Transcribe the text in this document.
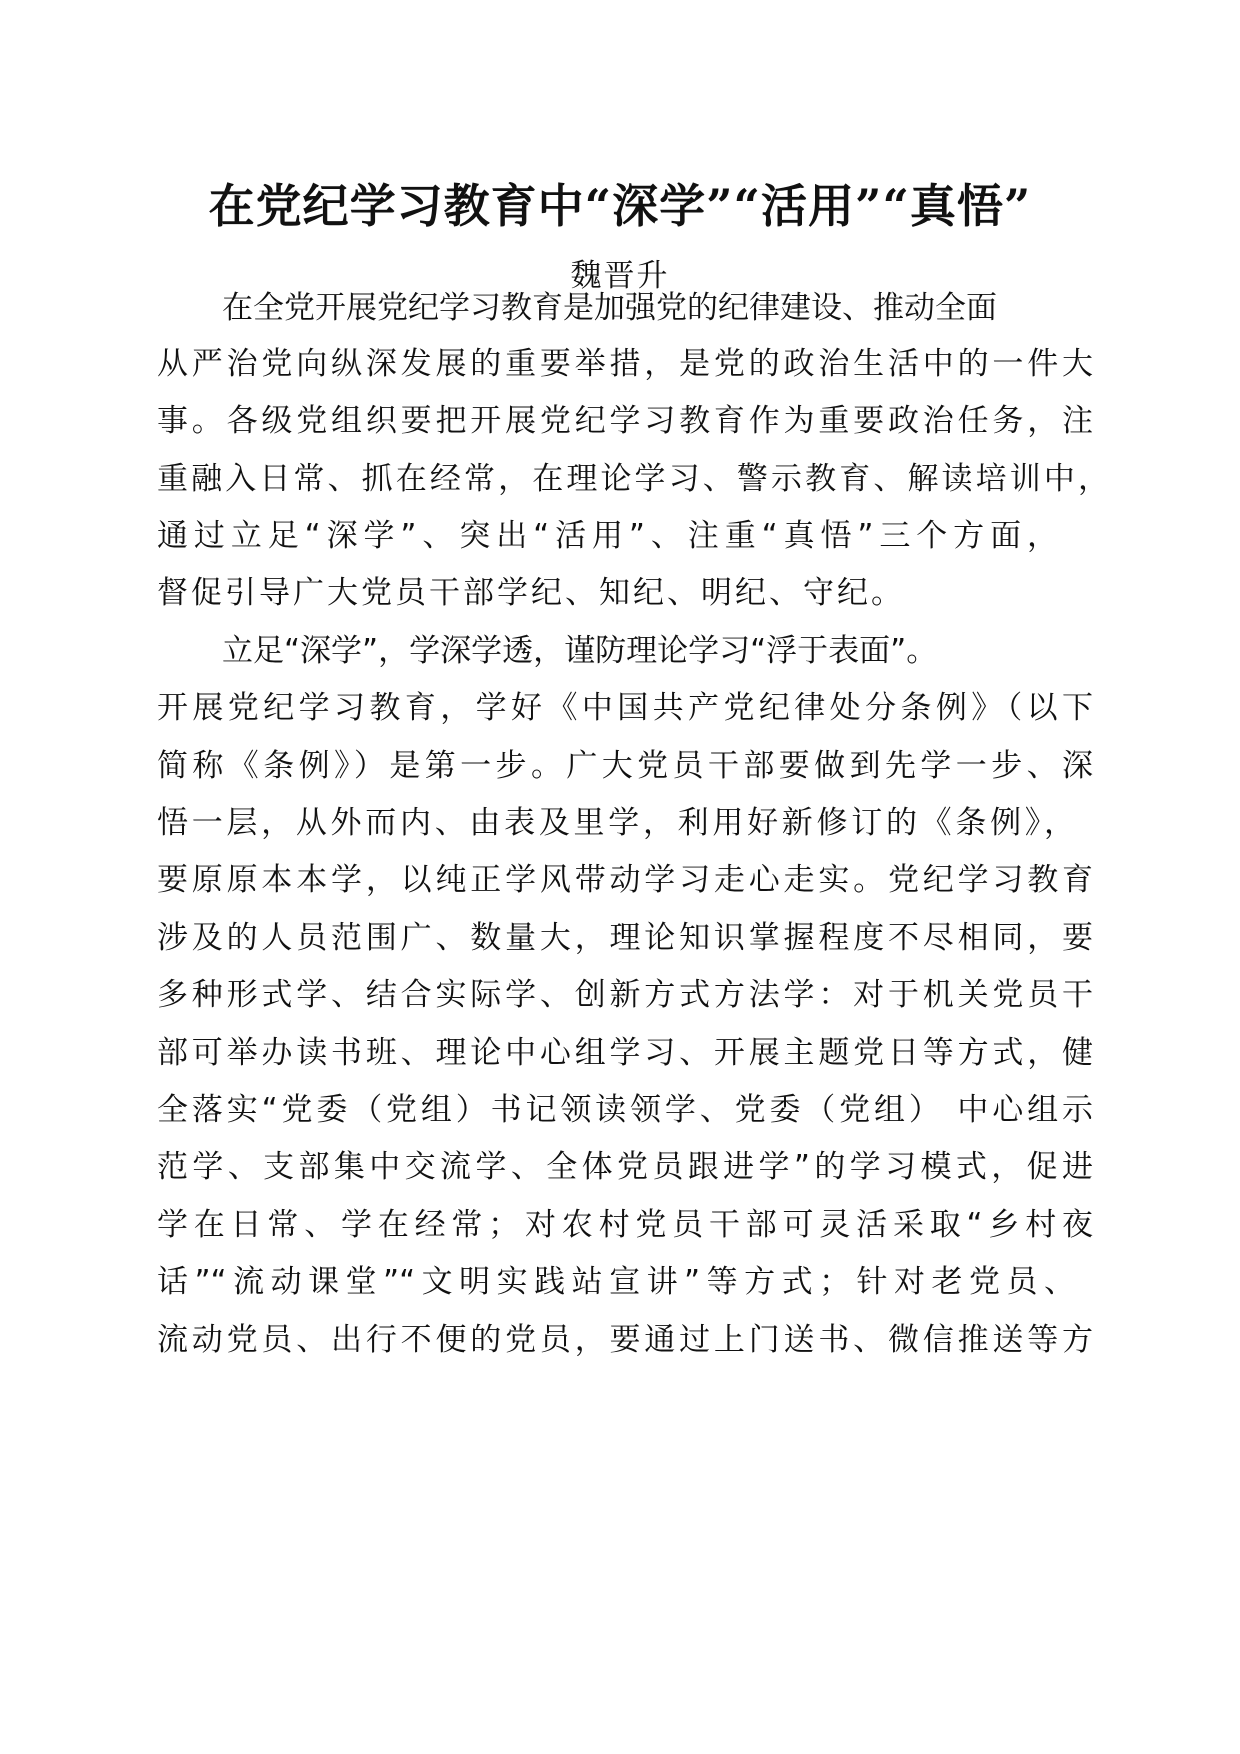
在党纪学习教育中“深学”“活用”“真悟”
魏晋升
在全党开展党纪学习教育是加强党的纪律建设、推动全面
从严治党向纵深发展的重要举措，是党的政治生活中的一件大
事。各级党组织要把开展党纪学习教育作为重要政治任务，注
重融入日常、抓在经常，在理论学习、警示教育、解读培训中，
通过立足“深学”、突出“活用”、注重“真悟”三个方面，
督促引导广大党员干部学纪、知纪、明纪、守纪。
立足“深学”，学深学透，谨防理论学习“浮于表面”。
开展党纪学习教育，学好《中国共产党纪律处分条例》（以下
简称《条例》）是第一步。广大党员干部要做到先学一步、深
悟一层，从外而内、由表及里学，利用好新修订的《条例》，
要原原本本学，以纯正学风带动学习走心走实。党纪学习教育
涉及的人员范围广、数量大，理论知识掌握程度不尽相同，要
多种形式学、结合实际学、创新方式方法学：对于机关党员干
部可举办读书班、理论中心组学习、开展主题党日等方式，健
全落实“党委（党组）书记领读领学、党委（党组） 中心组示
范学、支部集中交流学、全体党员跟进学”的学习模式，促进
学在日常、学在经常；对农村党员干部可灵活采取“乡村夜
话”“流动课堂”“文明实践站宣讲”等方式；针对老党员、
流动党员、出行不便的党员，要通过上门送书、微信推送等方
